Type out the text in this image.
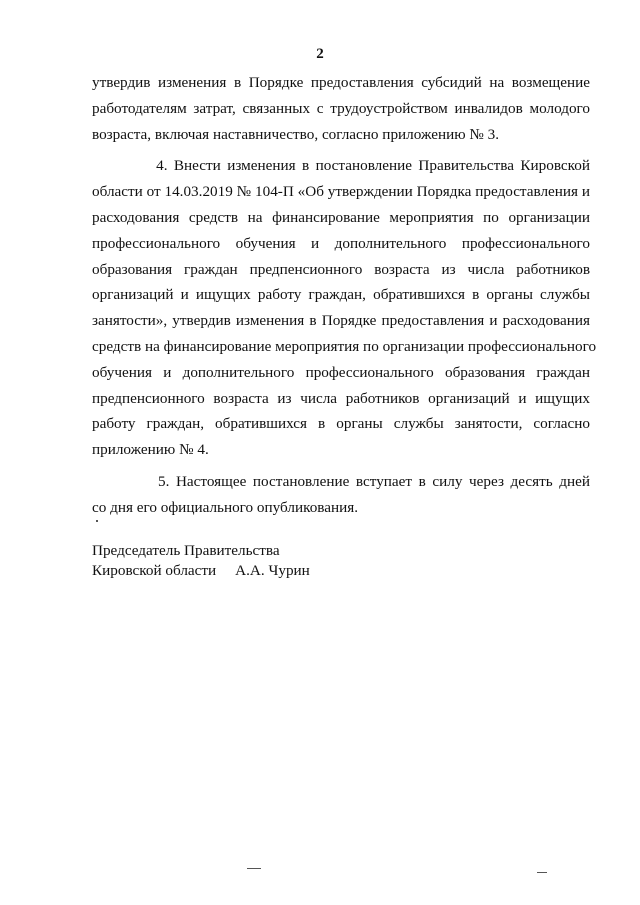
2
утвердив изменения в Порядке предоставления субсидий на возмещение
работодателям затрат, связанных с трудоустройством инвалидов молодого
возраста, включая наставничество, согласно приложению № 3.
4. Внести изменения в постановление Правительства Кировской
области от 14.03.2019 № 104-П «Об утверждении Порядка предоставления и
расходования средств на финансирование мероприятия по организации
профессионального обучения и дополнительного профессионального
образования граждан предпенсионного возраста из числа работников
организаций и ищущих работу граждан, обратившихся в органы службы
занятости», утвердив изменения в Порядке предоставления и расходования
средств на финансирование мероприятия по организации профессионального
обучения и дополнительного профессионального образования граждан
предпенсионного возраста из числа работников организаций и ищущих
работу граждан, обратившихся в органы службы занятости, согласно
приложению № 4.
5. Настоящее постановление вступает в силу через десять дней
со дня его официального опубликования.
Председатель Правительства
Кировской области А.А. Чурин
